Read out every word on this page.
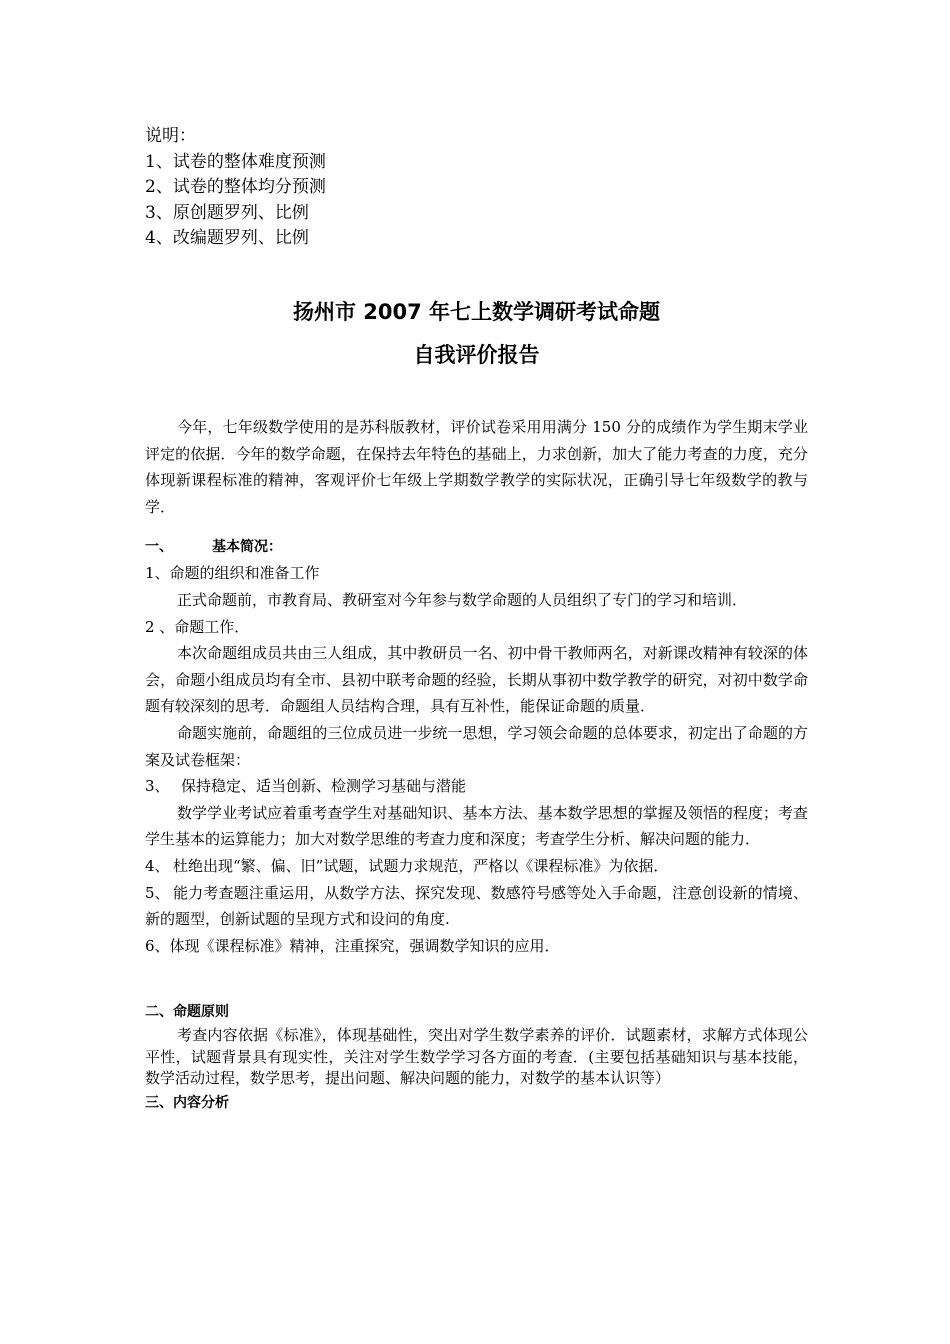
说明：
1、试卷的整体难度预测
2、试卷的整体均分预测
3、原创题罗列、比例
4、改编题罗列、比例
扬州市 2007 年七上数学调研考试命题
自我评价报告

今年，七年级数学使用的是苏科版教材，评价试卷采用用满分 150 分的成绩作为学生期末学业评定的依据．今年的数学命题，在保持去年特色的基础上，力求创新，加大了能力考查的力度，充分体现新课程标准的精神，客观评价七年级上学期数学教学的实际状况，正确引导七年级数学的教与学．

一、	基本简况：

1、命题的组织和准备工作

正式命题前，市教育局、教研室对今年参与数学命题的人员组织了专门的学习和培训．

2 、命题工作．

本次命题组成员共由三人组成，其中教研员一名、初中骨干教师两名，对新课改精神有较深的体会，命题小组成员均有全市、县初中联考命题的经验，长期从事初中数学教学的研究，对初中数学命题有较深刻的思考．命题组人员结构合理，具有互补性，能保证命题的质量．

命题实施前，命题组的三位成员进一步统一思想，学习领会命题的总体要求，初定出了命题的方案及试卷框架：

3、 保持稳定、适当创新、检测学习基础与潜能

数学学业考试应着重考查学生对基础知识、基本方法、基本数学思想的掌握及领悟的程度；考查学生基本的运算能力；加大对数学思维的考查力度和深度；考查学生分析、解决问题的能力．

4、 杜绝出现“繁、偏、旧”试题，试题力求规范，严格以《课程标准》为依据．

5、 能力考查题注重运用，从数学方法、探究发现、数感符号感等处入手命题，注意创设新的情境、新的题型，创新试题的呈现方式和设问的角度.

6、体现《课程标准》精神，注重探究，强调数学知识的应用．

二、命题原则

考查内容依据《标准》，体现基础性，突出对学生数学素养的评价．试题素材，求解方式体现公平性，试题背景具有现实性，关注对学生数学学习各方面的考查．(主要包括基础知识与基本技能，数学活动过程，数学思考，提出问题、解决问题的能力，对数学的基本认识等）

三、内容分析
